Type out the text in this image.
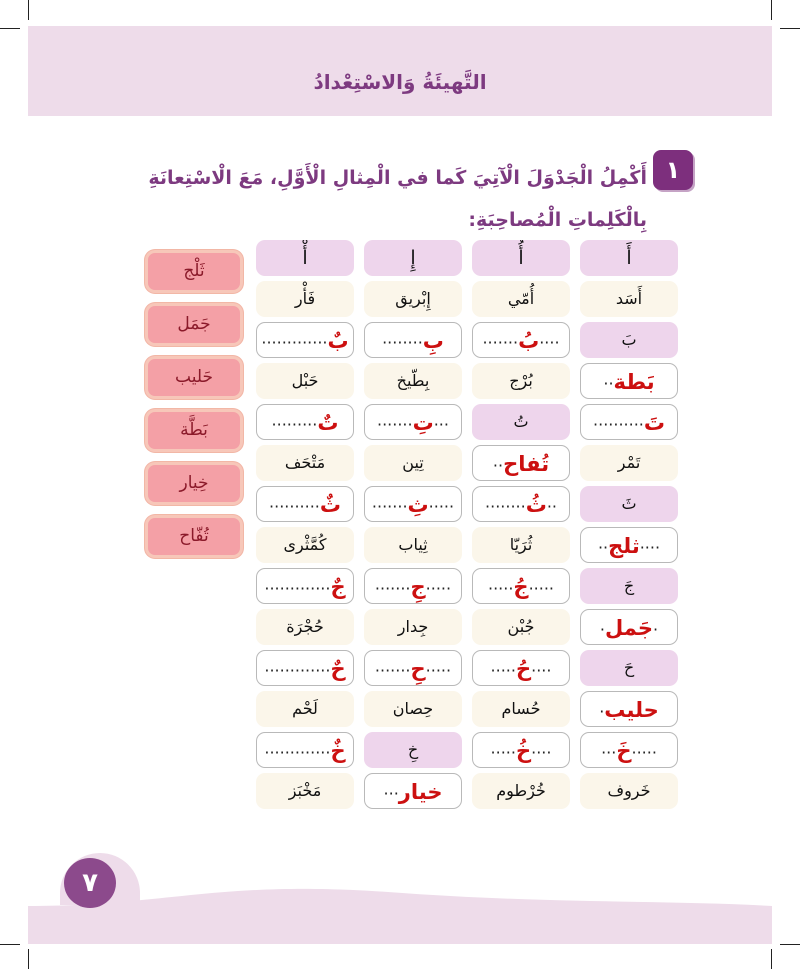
التَّهيئَةُ وَالاسْتِعْدادُ
١
أَكْمِلُ الْجَدْوَلَ الْآتِيَ كَما في الْمِثالِ الْأَوَّلِ، مَعَ الْاسْتِعانَةِ بِالْكَلِماتِ الْمُصاحِبَةِ:
ثَلْج
جَمَل
حَليب
بَطَّة
خِيار
تُفّاح
أَ
أَسَد
بَ
بَطة··
تَ··········
تَمْر
ثَ
····ثلج··
جَ
·جَمل·
حَ
حليب·
·····خَ···
خَروف
أُ
أُمّي
····بُ·······
بُرْج
تُ
تُفاح··
··ثُ········
ثُرَيّا
·····جُ·····
جُبْن
····حُ·····
حُسام
····خُ·····
خُرْطوم
إِ
إِبْريق
بِ········
بِطّيخ
···تِ·······
تِين
·····ثِ·······
ثِياب
·····جِ·······
جِدار
·····حِ·······
حِصان
خِ
خيار···
أْ
فَأْر
بٌ·············
حَبْل
تٌ·········
مَتْحَف
ثٌ··········
كُمَّثْرى
جٌ·············
حُجْرَة
حٌ·············
لَحْم
خٌ·············
مَخْبَز
٧
